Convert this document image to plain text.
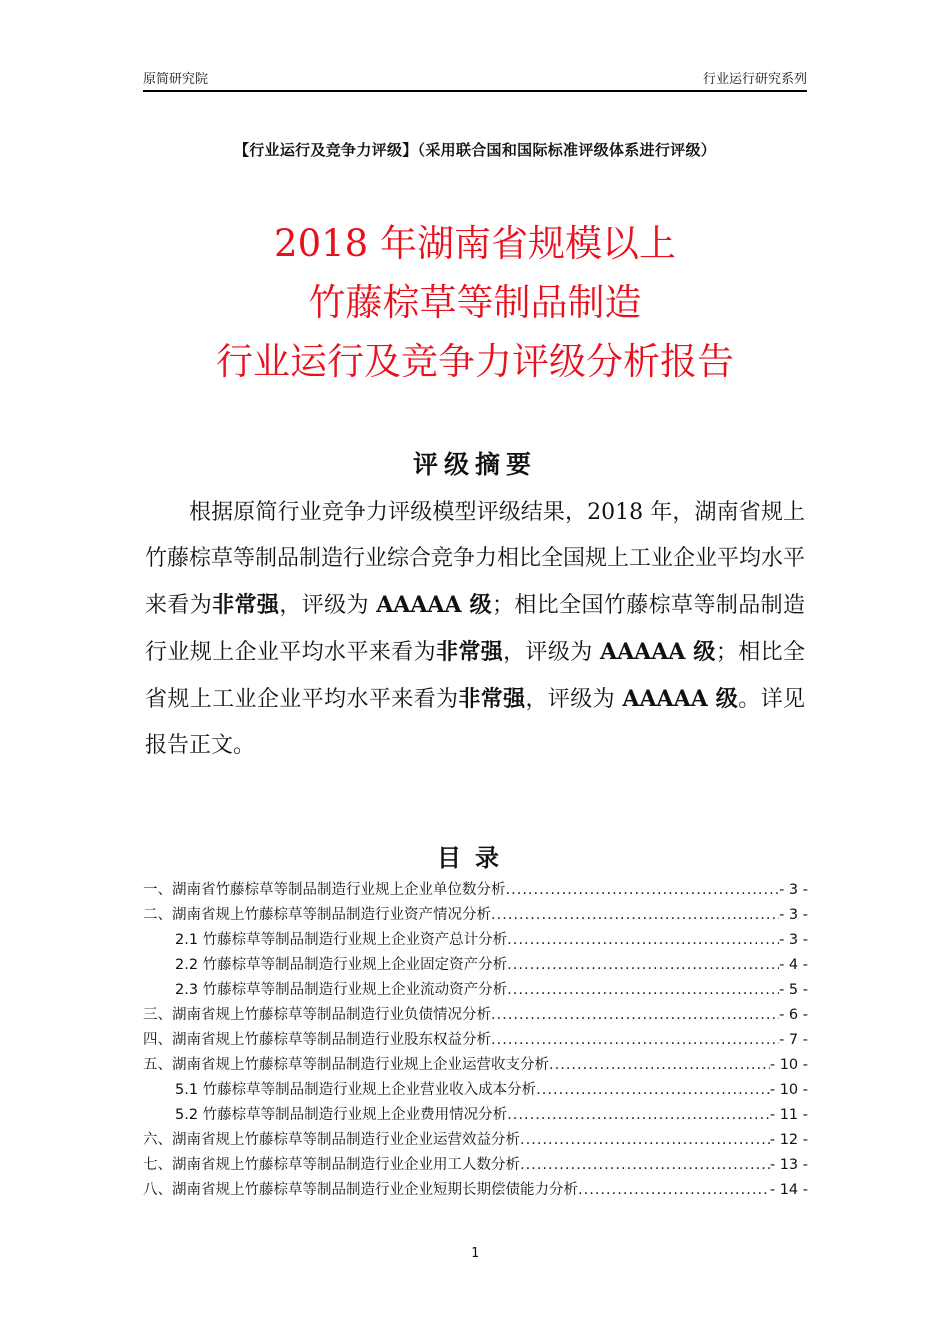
原简研究院	行业运行研究系列
【行业运行及竞争力评级】（采用联合国和国际标准评级体系进行评级）
2018 年湖南省规模以上
竹藤棕草等制品制造
行业运行及竞争力评级分析报告
评级摘要
根据原简行业竞争力评级模型评级结果，2018 年，湖南省规上竹藤棕草等制品制造行业综合竞争力相比全国规上工业企业平均水平来看为非常强，评级为 AAAAA 级；相比全国竹藤棕草等制品制造行业规上企业平均水平来看为非常强，评级为 AAAAA 级；相比全省规上工业企业平均水平来看为非常强，评级为 AAAAA 级。详见报告正文。
目录
一、湖南省竹藤棕草等制品制造行业规上企业单位数分析 .....	- 3 -
二、湖南省规上竹藤棕草等制品制造行业资产情况分析 .....	- 3 -
2.1 竹藤棕草等制品制造行业规上企业资产总计分析 .....	- 3 -
2.2 竹藤棕草等制品制造行业规上企业固定资产分析 .....	- 4 -
2.3 竹藤棕草等制品制造行业规上企业流动资产分析 .....	- 5 -
三、湖南省规上竹藤棕草等制品制造行业负债情况分析 .....	- 6 -
四、湖南省规上竹藤棕草等制品制造行业股东权益分析 .....	- 7 -
五、湖南省规上竹藤棕草等制品制造行业规上企业运营收支分析 .....	- 10 -
5.1 竹藤棕草等制品制造行业规上企业营业收入成本分析 .....	- 10 -
5.2 竹藤棕草等制品制造行业规上企业费用情况分析 .....	- 11 -
六、湖南省规上竹藤棕草等制品制造行业企业运营效益分析 .....	- 12 -
七、湖南省规上竹藤棕草等制品制造行业企业用工人数分析 .....	- 13 -
八、湖南省规上竹藤棕草等制品制造行业企业短期长期偿债能力分析 .....	- 14 -
1
